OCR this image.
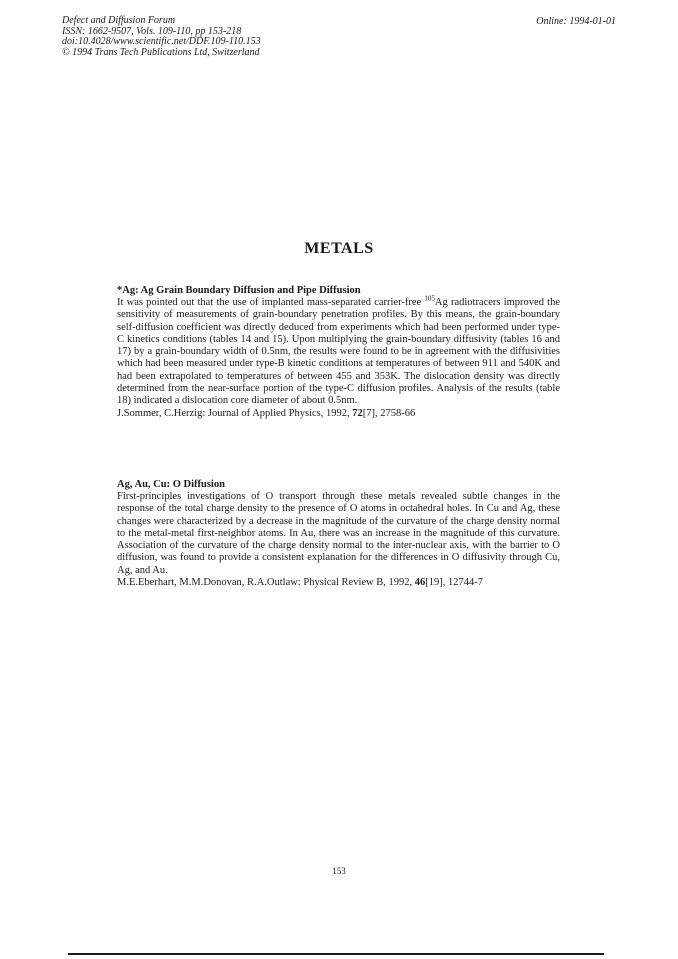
Defect and Diffusion Forum
ISSN: 1662-9507, Vols. 109-110, pp 153-218
doi:10.4028/www.scientific.net/DDF.109-110.153
© 1994 Trans Tech Publications Ltd, Switzerland
Online: 1994-01-01
METALS
*Ag: Ag Grain Boundary Diffusion and Pipe Diffusion
It was pointed out that the use of implanted mass-separated carrier-free $^{105}$Ag radiotracers improved the sensitivity of measurements of grain-boundary penetration profiles. By this means, the grain-boundary self-diffusion coefficient was directly deduced from experiments which had been performed under type-C kinetics conditions (tables 14 and 15). Upon multiplying the grain-boundary diffusivity (tables 16 and 17) by a grain-boundary width of 0.5nm, the results were found to be in agreement with the diffusivities which had been measured under type-B kinetic conditions at temperatures of between 911 and 540K and had been extrapolated to temperatures of between 455 and 353K. The dislocation density was directly determined from the near-surface portion of the type-C diffusion profiles. Analysis of the results (table 18) indicated a dislocation core diameter of about 0.5nm.
J.Sommer, C.Herzig: Journal of Applied Physics, 1992, 72[7], 2758-66
Ag, Au, Cu: O Diffusion
First-principles investigations of O transport through these metals revealed subtle changes in the response of the total charge density to the presence of O atoms in octahedral holes. In Cu and Ag, these changes were characterized by a decrease in the magnitude of the curvature of the charge density normal to the metal-metal first-neighbor atoms. In Au, there was an increase in the magnitude of this curvature. Association of the curvature of the charge density normal to the inter-nuclear axis, with the barrier to O diffusion, was found to provide a consistent explanation for the differences in O diffusivity through Cu, Ag, and Au.
M.E.Eberhart, M.M.Donovan, R.A.Outlaw: Physical Review B, 1992, 46[19], 12744-7
153
